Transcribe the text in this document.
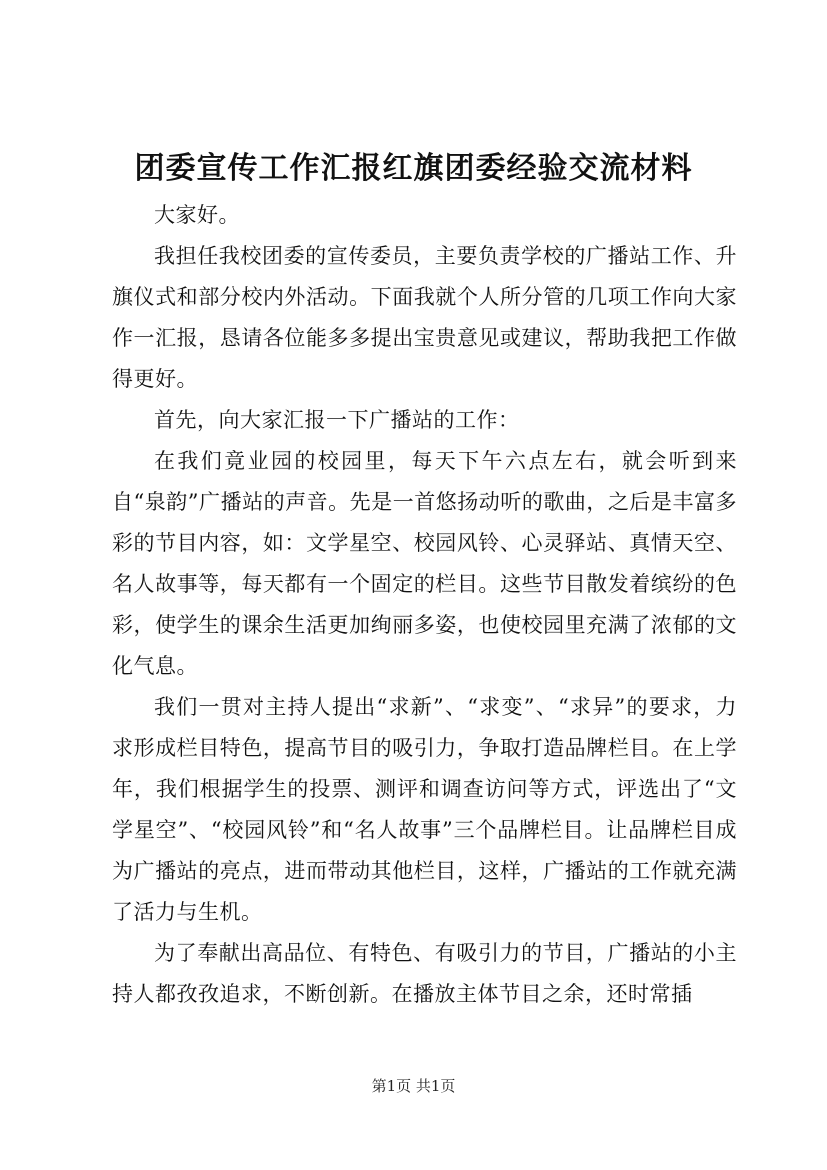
团委宣传工作汇报红旗团委经验交流材料

大家好。

我担任我校团委的宣传委员，主要负责学校的广播站工作、升旗仪式和部分校内外活动。下面我就个人所分管的几项工作向大家作一汇报，恳请各位能多多提出宝贵意见或建议，帮助我把工作做得更好。

首先，向大家汇报一下广播站的工作：

在我们竟业园的校园里，每天下午六点左右，就会听到来自“泉韵”广播站的声音。先是一首悠扬动听的歌曲，之后是丰富多彩的节目内容，如：文学星空、校园风铃、心灵驿站、真情天空、名人故事等，每天都有一个固定的栏目。这些节目散发着缤纷的色彩，使学生的课余生活更加绚丽多姿，也使校园里充满了浓郁的文化气息。

我们一贯对主持人提出“求新”、“求变”、“求异”的要求，力求形成栏目特色，提高节目的吸引力，争取打造品牌栏目。在上学年，我们根据学生的投票、测评和调查访问等方式，评选出了“文学星空”、“校园风铃”和“名人故事”三个品牌栏目。让品牌栏目成为广播站的亮点，进而带动其他栏目，这样，广播站的工作就充满了活力与生机。

为了奉献出高品位、有特色、有吸引力的节目，广播站的小主持人都孜孜追求，不断创新。在播放主体节目之余，还时常插

第1页 共1页
